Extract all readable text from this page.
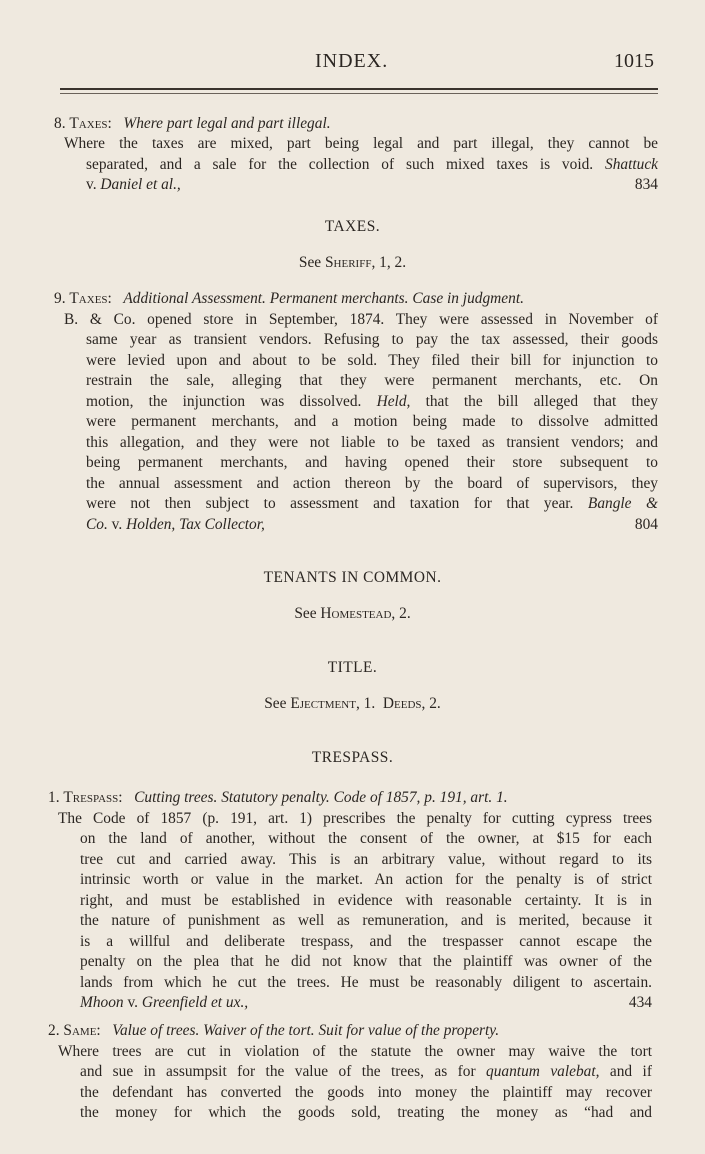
INDEX.	1015
8. Taxes:   Where part legal and part illegal.
Where the taxes are mixed, part being legal and part illegal, they cannot be
separated, and a sale for the collection of such mixed taxes is void. Shattuck
v. Daniel et al.,	834
TAXES.
See Sheriff, 1, 2.
9. Taxes:   Additional Assessment. Permanent merchants. Case in judgment.
B. & Co. opened store in September, 1874. They were assessed in November of
same year as transient vendors. Refusing to pay the tax assessed, their goods
were levied upon and about to be sold. They filed their bill for injunction to
restrain the sale, alleging that they were permanent merchants, etc. On
motion, the injunction was dissolved. Held, that the bill alleged that they
were permanent merchants, and a motion being made to dissolve admitted
this allegation, and they were not liable to be taxed as transient vendors; and
being permanent merchants, and having opened their store subsequent to
the annual assessment and action thereon by the board of supervisors, they
were not then subject to assessment and taxation for that year. Bangle &
Co. v. Holden, Tax Collector,	804
TENANTS IN COMMON.
See Homestead, 2.
TITLE.
See Ejectment, 1. Deeds, 2.
TRESPASS.
1. Trespass:   Cutting trees. Statutory penalty. Code of 1857, p. 191, art. 1.
The Code of 1857 (p. 191, art. 1) prescribes the penalty for cutting cypress trees
on the land of another, without the consent of the owner, at $15 for each
tree cut and carried away. This is an arbitrary value, without regard to its
intrinsic worth or value in the market. An action for the penalty is of strict
right, and must be established in evidence with reasonable certainty. It is in
the nature of punishment as well as remuneration, and is merited, because it
is a willful and deliberate trespass, and the trespasser cannot escape the
penalty on the plea that he did not know that the plaintiff was owner of the
lands from which he cut the trees. He must be reasonably diligent to ascertain.
Mhoon v. Greenfield et ux.,	434
2. Same:   Value of trees. Waiver of the tort. Suit for value of the property.
Where trees are cut in violation of the statute the owner may waive the tort
and sue in assumpsit for the value of the trees, as for quantum valebat, and if
the defendant has converted the goods into money the plaintiff may recover
the money for which the goods sold, treating the money as “had and
